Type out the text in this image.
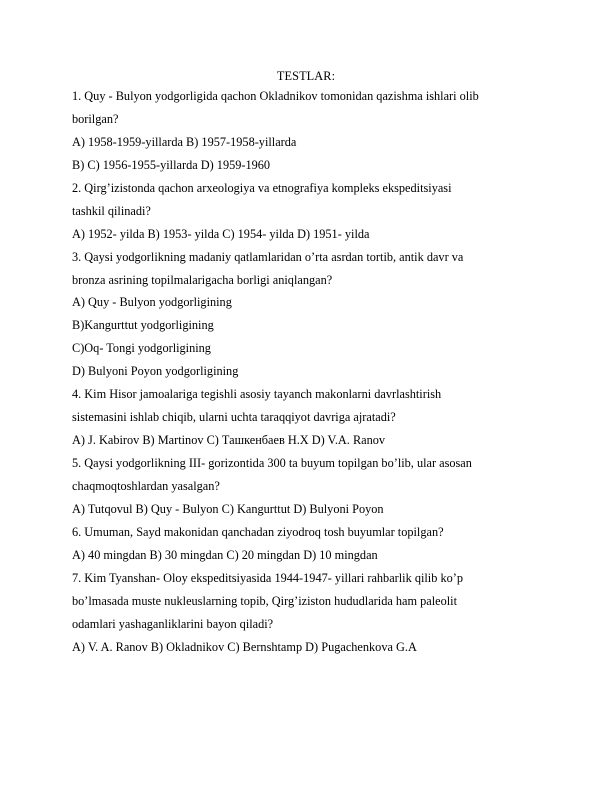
TESTLAR:
1. Quy - Bulyon yodgorligida qachon Okladnikov tomonidan qazishma ishlari olib
borilgan?
A) 1958-1959-yillarda B) 1957-1958-yillarda
B) C) 1956-1955-yillarda D) 1959-1960
2. Qirg’izistonda qachon arxeologiya va etnografiya kompleks ekspeditsiyasi
tashkil qilinadi?
A) 1952- yilda B) 1953- yilda C) 1954- yilda D) 1951- yilda
3. Qaysi yodgorlikning madaniy qatlamlaridan o’rta asrdan tortib, antik davr va
bronza asrining topilmalarigacha borligi aniqlangan?
A) Quy - Bulyon yodgorligining
B)Kangurttut yodgorligining
C)Oq- Tongi yodgorligining
D) Bulyoni Poyon yodgorligining
4. Kim Hisor jamoalariga tegishli asosiy tayanch makonlarni davrlashtirish
sistemasini ishlab chiqib, ularni uchta taraqqiyot davriga ajratadi?
A) J. Kabirov B) Martinov C) Ташкенбаев H.X D) V.A. Ranov
5. Qaysi yodgorlikning III- gorizontida 300 ta buyum topilgan bo’lib, ular asosan
chaqmoqtoshlardan yasalgan?
A) Tutqovul B) Quy - Bulyon C) Kangurttut D) Bulyoni Poyon
6. Umuman, Sayd makonidan qanchadan ziyodroq tosh buyumlar topilgan?
A) 40 mingdan B) 30 mingdan C) 20 mingdan D) 10 mingdan
7. Kim Tyanshan- Oloy ekspeditsiyasida 1944-1947- yillari rahbarlik qilib ko’p
bo’lmasada muste nukleuslarning topib, Qirg’iziston hududlarida ham paleolit
odamlari yashaganliklarini bayon qiladi?
A) V. A. Ranov B) Okladnikov C) Bernshtamp D) Pugachenkova G.A
